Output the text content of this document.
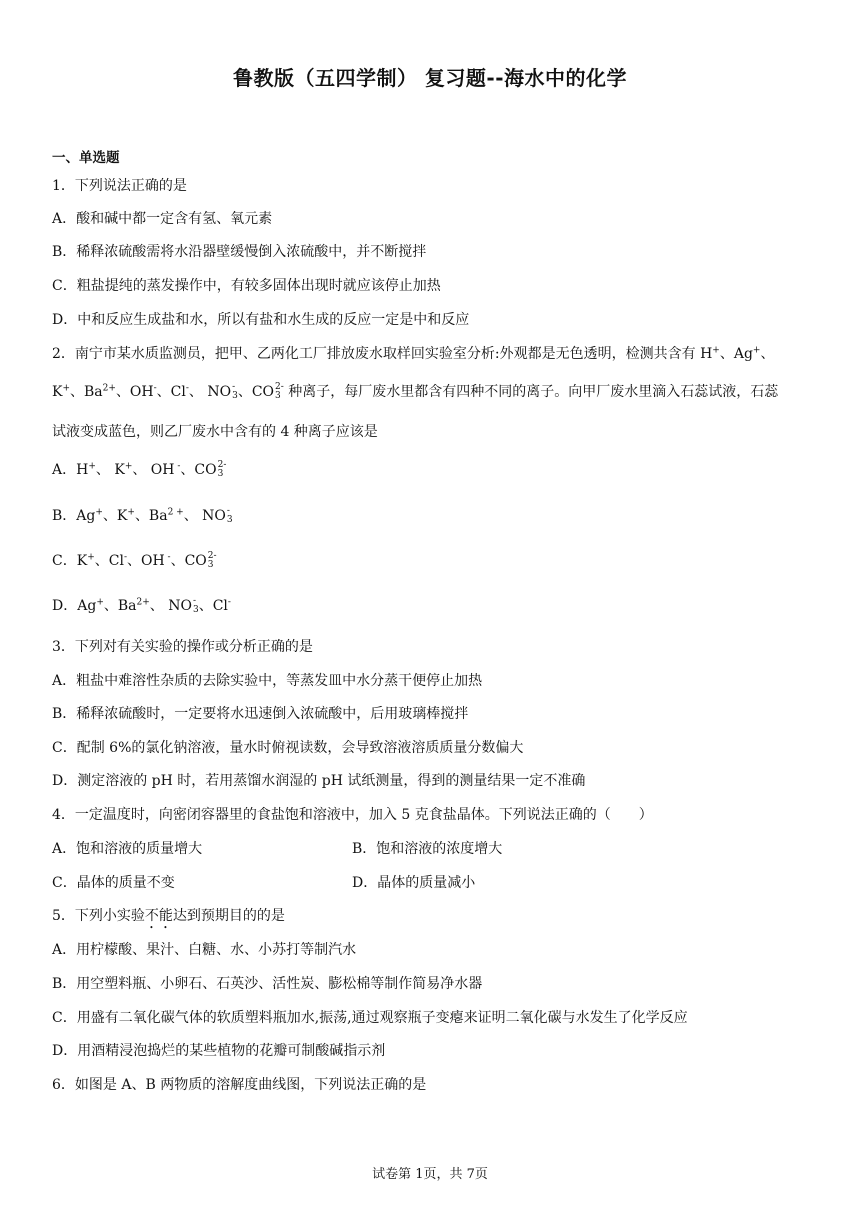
鲁教版（五四学制） 复习题--海水中的化学
一、单选题
1．下列说法正确的是
A．酸和碱中都一定含有氢、氧元素
B．稀释浓硫酸需将水沿器壁缓慢倒入浓硫酸中，并不断搅拌
C．粗盐提纯的蒸发操作中，有较多固体出现时就应该停止加热
D．中和反应生成盐和水，所以有盐和水生成的反应一定是中和反应
2．南宁市某水质监测员，把甲、乙两化工厂排放废水取样回实验室分析:外观都是无色透明，检测共含有 H+、Ag+、
K+、$Ba^{2+}$、OH-、Cl-、 NO -
3 、CO 2-
3 种离子，每厂废水里都含有四种不同的离子。向甲厂废水里滴入石蕊试液，石蕊
试液变成蓝色，则乙厂废水中含有的 4 种离子应该是
A．H+、 K+、 OH -、CO 2-
3
B．Ag+、K+、$Ba^{2 +}$、 NO -
3
C．K+、Cl-、OH -、CO 2-
3
D．Ag+、$Ba^{2+}$、 NO -
3 、Cl-
3．下列对有关实验的操作或分析正确的是
A．粗盐中难溶性杂质的去除实验中，等蒸发皿中水分蒸干便停止加热
B．稀释浓硫酸时，一定要将水迅速倒入浓硫酸中，后用玻璃棒搅拌
C．配制 6%的氯化钠溶液，量水时俯视读数，会导致溶液溶质质量分数偏大
D．测定溶液的 pH 时，若用蒸馏水润湿的 pH 试纸测量，得到的测量结果一定不准确
4．一定温度时，向密闭容器里的食盐饱和溶液中，加入 5 克食盐晶体。下列说法正确的（　　）
A．饱和溶液的质量增大	B．饱和溶液的浓度增大
C．晶体的质量不变	D．晶体的质量减小
5．下列小实验不能达到预期目的的是
A．用柠檬酸、果汁、白糖、水、小苏打等制汽水
B．用空塑料瓶、小卵石、石英沙、活性炭、膨松棉等制作简易净水器
C．用盛有二氧化碳气体的软质塑料瓶加水,振荡,通过观察瓶子变瘪来证明二氧化碳与水发生了化学反应
D．用酒精浸泡捣烂的某些植物的花瓣可制酸碱指示剂
6．如图是 A、B 两物质的溶解度曲线图，下列说法正确的是
试卷第 1页，共 7页
